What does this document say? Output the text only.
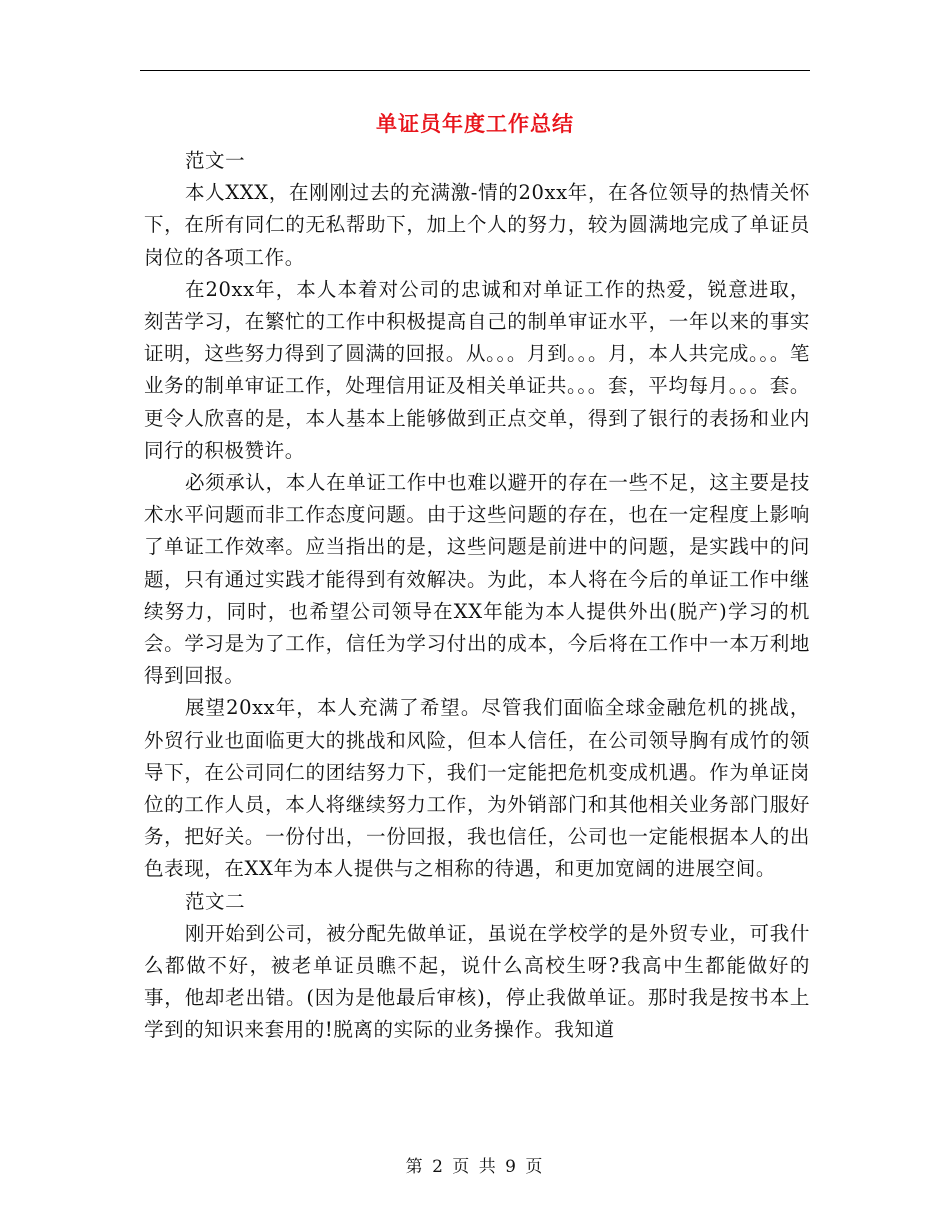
单证员年度工作总结

范文一

本人XXX，在刚刚过去的充满激-情的20xx年，在各位领导的热情关怀下，在所有同仁的无私帮助下，加上个人的努力，较为圆满地完成了单证员岗位的各项工作。

在20xx年，本人本着对公司的忠诚和对单证工作的热爱，锐意进取，刻苦学习，在繁忙的工作中积极提高自己的制单审证水平，一年以来的事实证明，这些努力得到了圆满的回报。从。。。月到。。。月，本人共完成。。。笔业务的制单审证工作，处理信用证及相关单证共。。。套，平均每月。。。套。更令人欣喜的是，本人基本上能够做到正点交单，得到了银行的表扬和业内同行的积极赞许。

必须承认，本人在单证工作中也难以避开的存在一些不足，这主要是技术水平问题而非工作态度问题。由于这些问题的存在，也在一定程度上影响了单证工作效率。应当指出的是，这些问题是前进中的问题，是实践中的问题，只有通过实践才能得到有效解决。为此，本人将在今后的单证工作中继续努力，同时，也希望公司领导在XX年能为本人提供外出(脱产)学习的机会。学习是为了工作，信任为学习付出的成本，今后将在工作中一本万利地得到回报。

展望20xx年，本人充满了希望。尽管我们面临全球金融危机的挑战，外贸行业也面临更大的挑战和风险，但本人信任，在公司领导胸有成竹的领导下，在公司同仁的团结努力下，我们一定能把危机变成机遇。作为单证岗位的工作人员，本人将继续努力工作，为外销部门和其他相关业务部门服好务，把好关。一份付出，一份回报，我也信任，公司也一定能根据本人的出色表现，在XX年为本人提供与之相称的待遇，和更加宽阔的进展空间。

范文二

刚开始到公司，被分配先做单证，虽说在学校学的是外贸专业，可我什么都做不好，被老单证员瞧不起，说什么高校生呀?我高中生都能做好的事，他却老出错。(因为是他最后审核)，停止我做单证。那时我是按书本上学到的知识来套用的!脱离的实际的业务操作。我知道

第 2 页 共 9 页
